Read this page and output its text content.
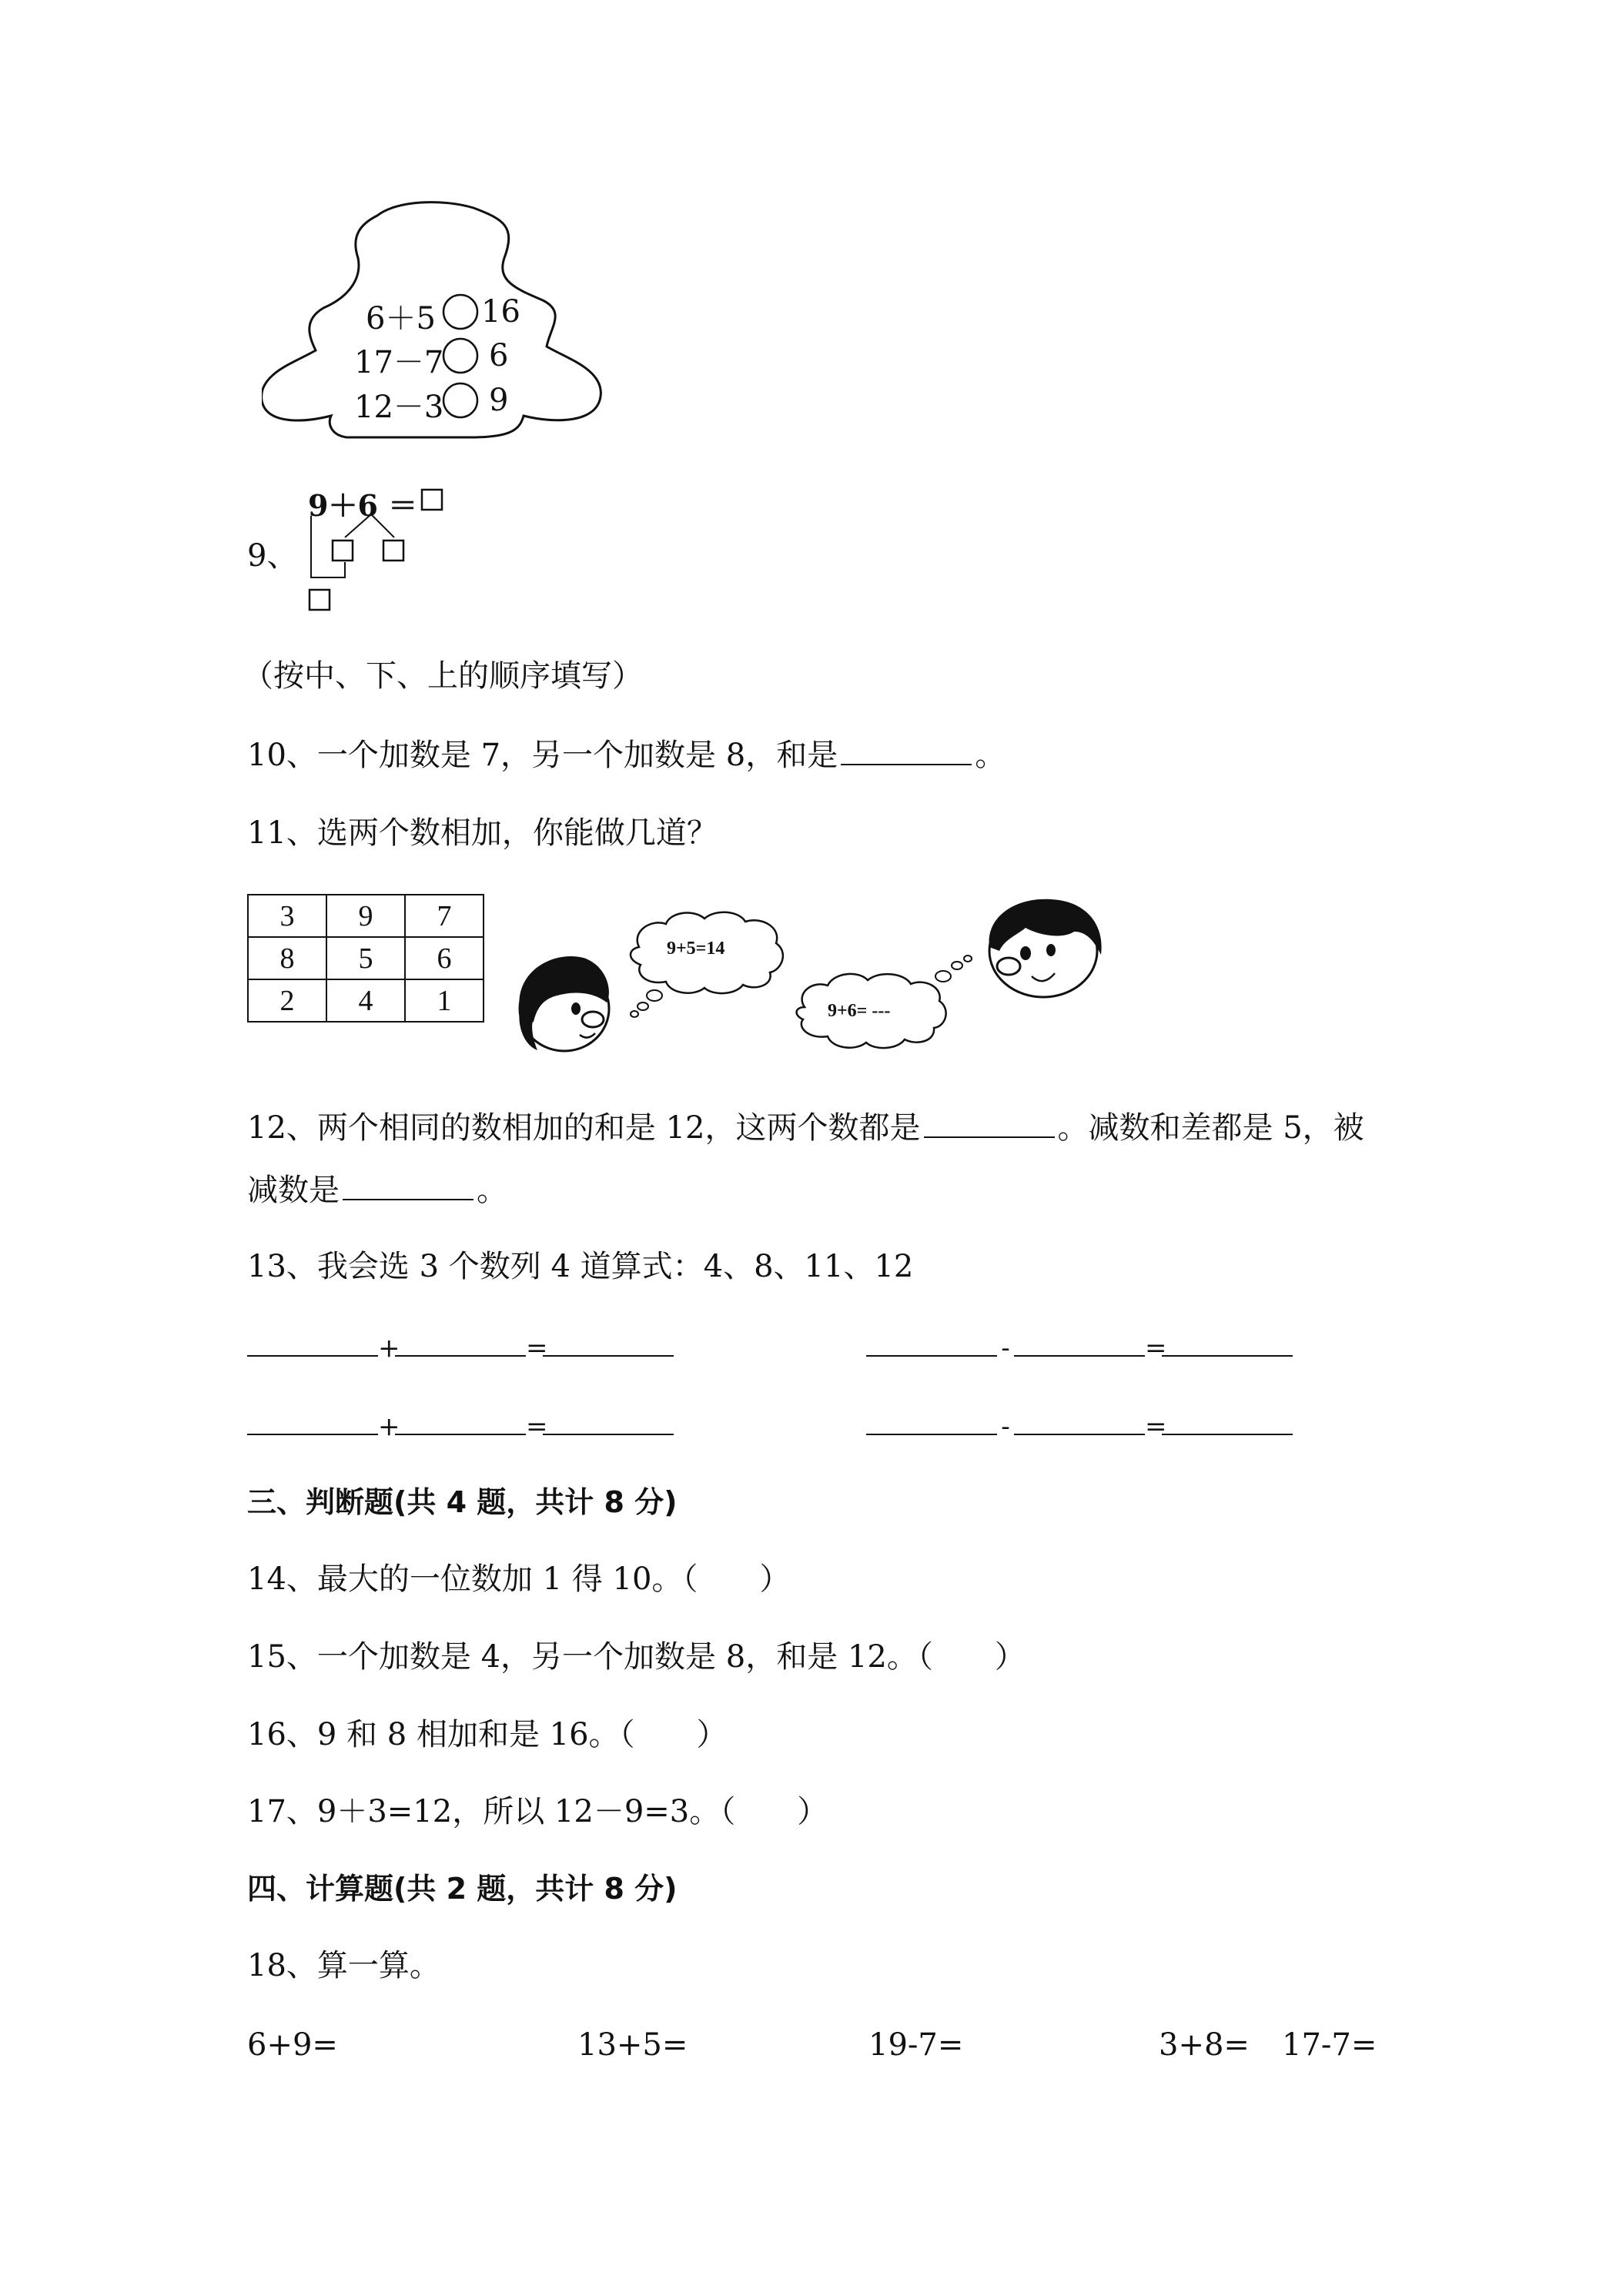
6＋5 16
17－7 6
12－3 9
9、
9＋6 ＝
（按中、下、上的顺序填写）
10、一个加数是 7，另一个加数是 8，和是	。
11、选两个数相加，你能做几道？
3	9	7
8	5	6
2	4	1
9+5=14
9+6= ---
12、两个相同的数相加的和是 12，这两个数都是	。减数和差都是 5，被
减数是	。
13、我会选 3 个数列 4 道算式：4、8、11、12
+	=	-	=
+	=	-	=
三、判断题(共 4 题，共计 8 分)
14、最大的一位数加 1 得 10。（　　）
15、一个加数是 4，另一个加数是 8，和是 12。（　　）
16、9 和 8 相加和是 16。（　　）
17、9＋3=12，所以 12－9=3。（　　）
四、计算题(共 2 题，共计 8 分)
18、算一算。
6+9=	13+5=	19-7=	3+8= 17-7=
